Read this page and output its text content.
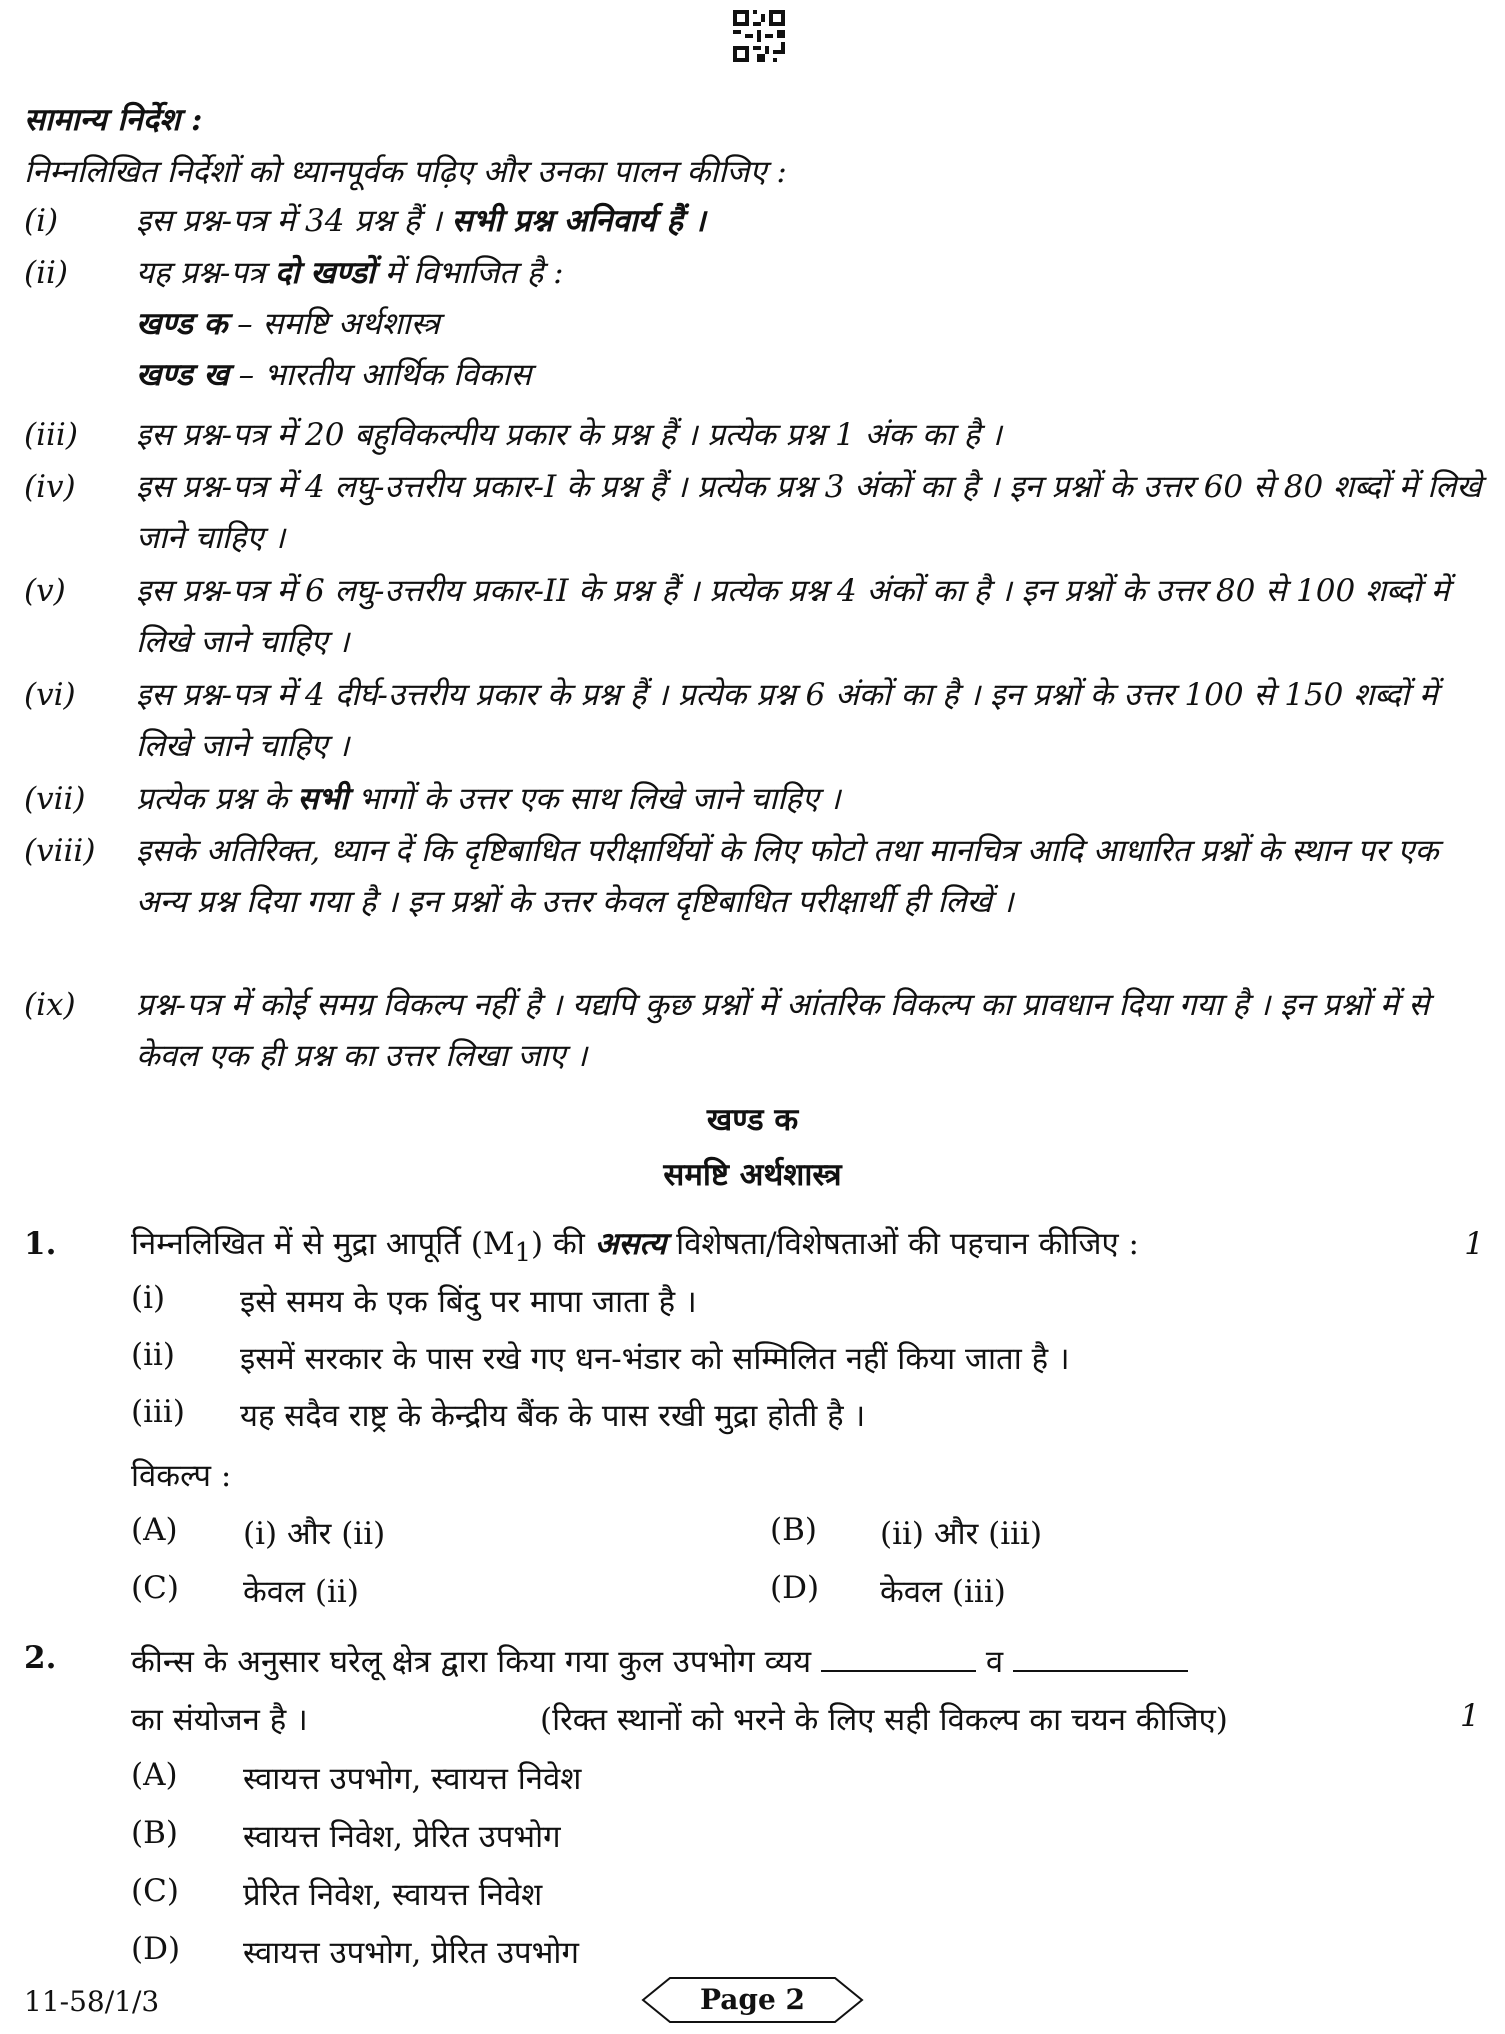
सामान्य निर्देश :
निम्नलिखित निर्देशों को ध्यानपूर्वक पढ़िए और उनका पालन कीजिए :
(i)	इस प्रश्न-पत्र में 34 प्रश्न हैं । सभी प्रश्न अनिवार्य हैं ।
(ii) यह प्रश्न-पत्र दो खण्डों में विभाजित है :
खण्ड क – समष्टि अर्थशास्त्र
खण्ड ख – भारतीय आर्थिक विकास
(iii) इस प्रश्न-पत्र में 20 बहुविकल्पीय प्रकार के प्रश्न हैं । प्रत्येक प्रश्न 1 अंक का है ।
(iv) इस प्रश्न-पत्र में 4 लघु-उत्तरीय प्रकार-I के प्रश्न हैं । प्रत्येक प्रश्न 3 अंकों का है । इन प्रश्नों के उत्तर 60 से 80 शब्दों में लिखे जाने चाहिए ।
(v) इस प्रश्न-पत्र में 6 लघु-उत्तरीय प्रकार-II के प्रश्न हैं । प्रत्येक प्रश्न 4 अंकों का है । इन प्रश्नों के उत्तर 80 से 100 शब्दों में लिखे जाने चाहिए ।
(vi) इस प्रश्न-पत्र में 4 दीर्घ-उत्तरीय प्रकार के प्रश्न हैं । प्रत्येक प्रश्न 6 अंकों का है । इन प्रश्नों के उत्तर 100 से 150 शब्दों में लिखे जाने चाहिए ।
(vii) प्रत्येक प्रश्न के सभी भागों के उत्तर एक साथ लिखे जाने चाहिए ।
(viii) इसके अतिरिक्त, ध्यान दें कि दृष्टिबाधित परीक्षार्थियों के लिए फोटो तथा मानचित्र आदि आधारित प्रश्नों के स्थान पर एक अन्य प्रश्न दिया गया है । इन प्रश्नों के उत्तर केवल दृष्टिबाधित परीक्षार्थी ही लिखें ।
(ix) प्रश्न-पत्र में कोई समग्र विकल्प नहीं है । यद्यपि कुछ प्रश्नों में आंतरिक विकल्प का प्रावधान दिया गया है । इन प्रश्नों में से केवल एक ही प्रश्न का उत्तर लिखा जाए ।
खण्ड क
समष्टि अर्थशास्त्र
1. निम्नलिखित में से मुद्रा आपूर्ति $(M_1)$ की असत्य विशेषता/विशेषताओं की पहचान कीजिए :	1
(i) इसे समय के एक बिंदु पर मापा जाता है ।
(ii) इसमें सरकार के पास रखे गए धन-भंडार को सम्मिलित नहीं किया जाता है ।
(iii) यह सदैव राष्ट्र के केन्द्रीय बैंक के पास रखी मुद्रा होती है ।
विकल्प :
(A) (i) और (ii)	(B) (ii) और (iii)
(C) केवल (ii)	(D) केवल (iii)
2. कीन्स के अनुसार घरेलू क्षेत्र द्वारा किया गया कुल उपभोग व्यय	व
का संयोजन है ।	(रिक्त स्थानों को भरने के लिए सही विकल्प का चयन कीजिए)	1
(A) स्वायत्त उपभोग, स्वायत्त निवेश
(B) स्वायत्त निवेश, प्रेरित उपभोग
(C) प्रेरित निवेश, स्वायत्त निवेश
(D) स्वायत्त उपभोग, प्रेरित उपभोग
11-58/1/3	Page 2
